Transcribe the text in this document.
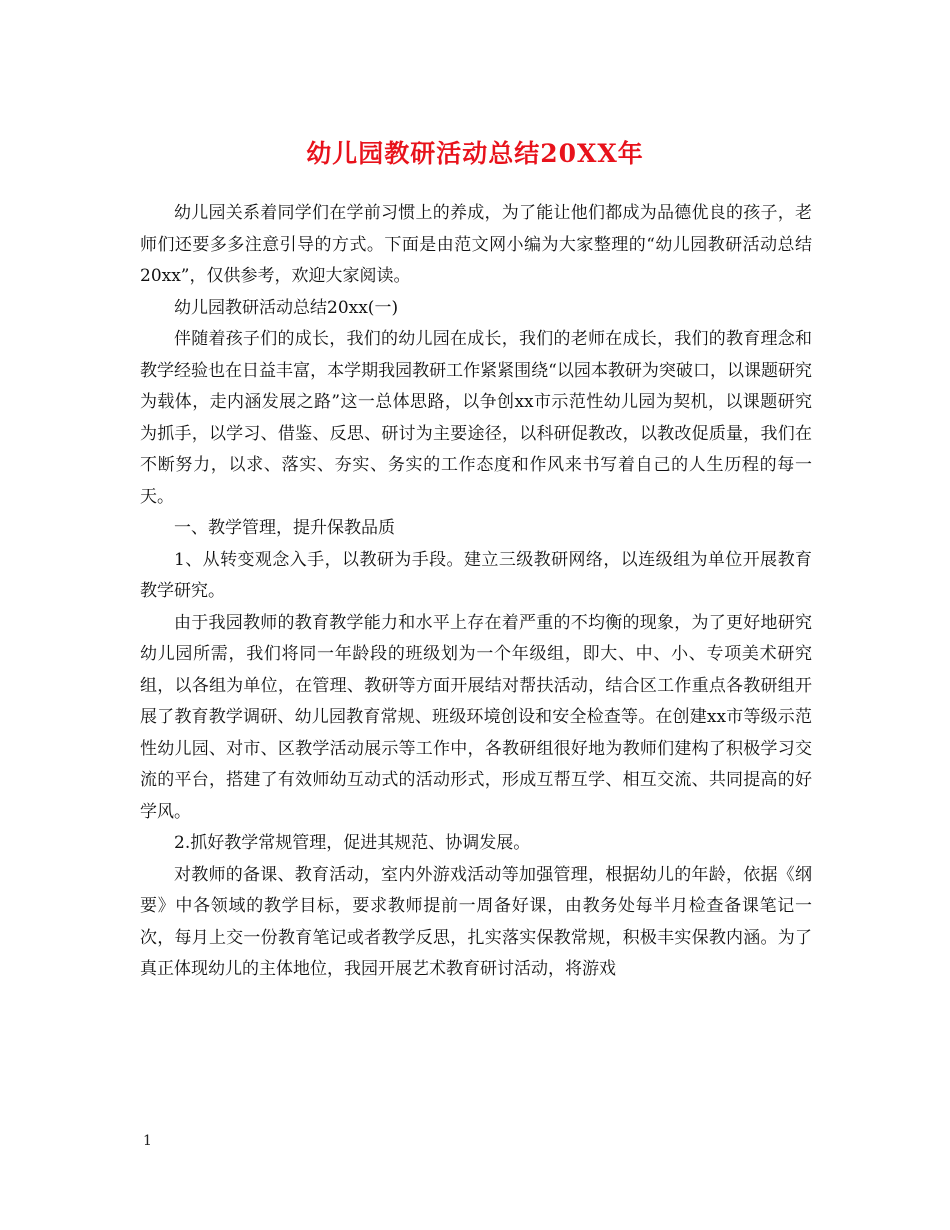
幼儿园教研活动总结20XX年

幼儿园关系着同学们在学前习惯上的养成，为了能让他们都成为品德优良的孩子，老师们还要多多注意引导的方式。下面是由范文网小编为大家整理的“幼儿园教研活动总结20xx”，仅供参考，欢迎大家阅读。

幼儿园教研活动总结20xx(一)

伴随着孩子们的成长，我们的幼儿园在成长，我们的老师在成长，我们的教育理念和教学经验也在日益丰富，本学期我园教研工作紧紧围绕“以园本教研为突破口，以课题研究为载体，走内涵发展之路”这一总体思路，以争创xx市示范性幼儿园为契机，以课题研究为抓手，以学习、借鉴、反思、研讨为主要途径，以科研促教改，以教改促质量，我们在不断努力，以求、落实、夯实、务实的工作态度和作风来书写着自己的人生历程的每一天。

一、教学管理，提升保教品质

1、从转变观念入手，以教研为手段。建立三级教研网络，以连级组为单位开展教育教学研究。

由于我园教师的教育教学能力和水平上存在着严重的不均衡的现象，为了更好地研究幼儿园所需，我们将同一年龄段的班级划为一个年级组，即大、中、小、专项美术研究组，以各组为单位，在管理、教研等方面开展结对帮扶活动，结合区工作重点各教研组开展了教育教学调研、幼儿园教育常规、班级环境创设和安全检查等。在创建xx市等级示范性幼儿园、对市、区教学活动展示等工作中，各教研组很好地为教师们建构了积极学习交流的平台，搭建了有效师幼互动式的活动形式，形成互帮互学、相互交流、共同提高的好学风。

2.抓好教学常规管理，促进其规范、协调发展。

对教师的备课、教育活动，室内外游戏活动等加强管理，根据幼儿的年龄，依据《纲要》中各领域的教学目标，要求教师提前一周备好课，由教务处每半月检查备课笔记一次，每月上交一份教育笔记或者教学反思，扎实落实保教常规，积极丰实保教内涵。为了真正体现幼儿的主体地位，我园开展艺术教育研讨活动，将游戏

1
